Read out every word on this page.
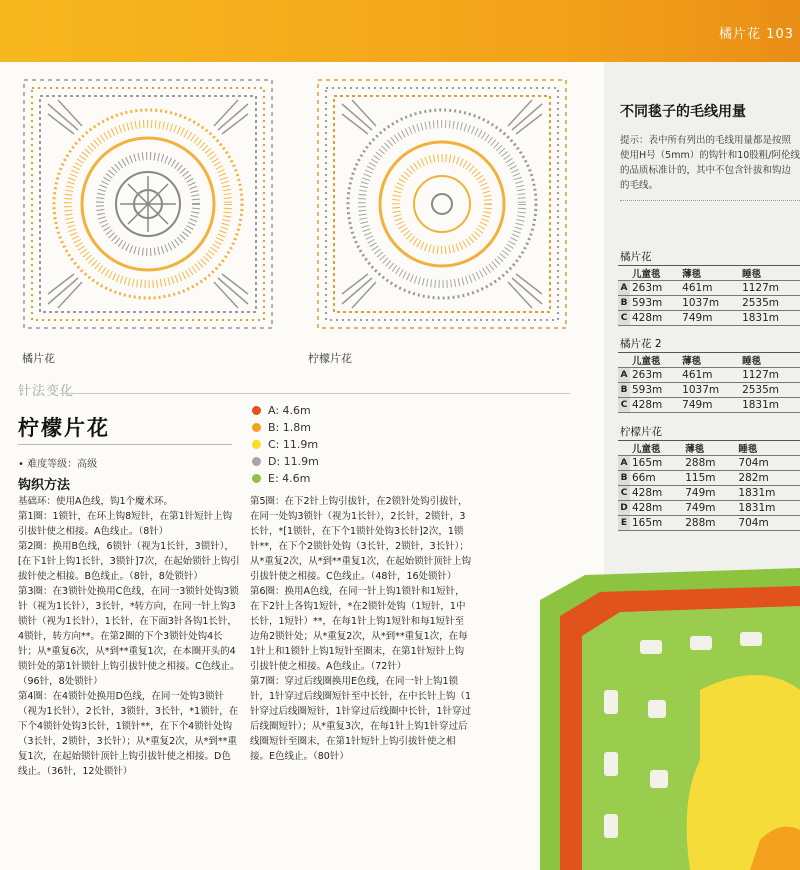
橘片花 103
橘片花	柠檬片花
针法变化
柠檬片花
• 难度等级：高级
钩织方法
A: 4.6m
B: 1.8m
C: 11.9m
D: 11.9m
E: 4.6m

基础环：使用A色线，钩1个魔术环。

第1圈：1锁针，在环上钩8短针，在第1针短针上钩引拔针使之相接。A色线止。（8针）

第2圈：换用B色线，6锁针（视为1长针，3锁针），[在下1针上钩1长针，3锁针]7次，在起始锁针上钩引拔针使之相接。B色线止。（8针，8处锁针）

第3圈：在3锁针处换用C色线，在同一3锁针处钩3锁针（视为1长针），3长针，*转方向，在同一针上钩3锁针（视为1长针），1长针，在下面3针各钩1长针，4锁针，转方向**。在第2圈的下个3锁针处钩4长针；从*重复6次，从*到**重复1次，在本圈开头的4锁针处的第1针锁针上钩引拔针使之相接。C色线止。（96针，8处锁针）

第4圈：在4锁针处换用D色线，在同一处钩3锁针（视为1长针），2长针，3锁针，3长针，*1锁针，在下个4锁针处钩3长针，1锁针**，在下个4锁针处钩（3长针，2锁针，3长针）；从*重复2次，从*到**重复1次，在起始锁针顶针上钩引拔针使之相接。D色线止。（36针，12处锁针）

第5圈：在下2针上钩引拔针，在2锁针处钩引拔针，在同一处钩3锁针（视为1长针），2长针，2锁针，3长针，*[1锁针，在下个1锁针处钩3长针]2次，1锁针**，在下个2锁针处钩（3长针，2锁针，3长针）；从*重复2次，从*到**重复1次，在起始锁针顶针上钩引拔针使之相接。C色线止。（48针，16处锁针）

第6圈：换用A色线，在同一针上钩1锁针和1短针，在下2针上各钩1短针，*在2锁针处钩（1短针，1中长针，1短针）**，在每1针上钩1短针和每1短针至边角2锁针处；从*重复2次，从*到**重复1次，在每1针上和1锁针上钩1短针至圈末，在第1针短针上钩引拔针使之相接。A色线止。（72针）

第7圈：穿过后线圈换用E色线，在同一针上钩1锁针，1针穿过后线圈短针至中长针，在中长针上钩（1针穿过后线圈短针，1针穿过后线圈中长针，1针穿过后线圈短针）；从*重复3次，在每1针上钩1针穿过后线圈短针至圈末，在第1针短针上钩引拔针使之相接。E色线止。（80针）

不同毯子的毛线用量
提示：表中所有列出的毛线用量都是按照使用H号（5mm）的钩针和10股粗/阿伦线的品质标准计的，其中不包含针拔和钩边的毛线。
橘片花
	儿童毯	薄毯	睡毯
A	263m	461m	1127m
B	593m	1037m	2535m
C	428m	749m	1831m
橘片花 2
	儿童毯	薄毯	睡毯
A	263m	461m	1127m
B	593m	1037m	2535m
C	428m	749m	1831m
柠檬片花
	儿童毯	薄毯	睡毯
A	165m	288m	704m
B	66m	115m	282m
C	428m	749m	1831m
D	428m	749m	1831m
E	165m	288m	704m
